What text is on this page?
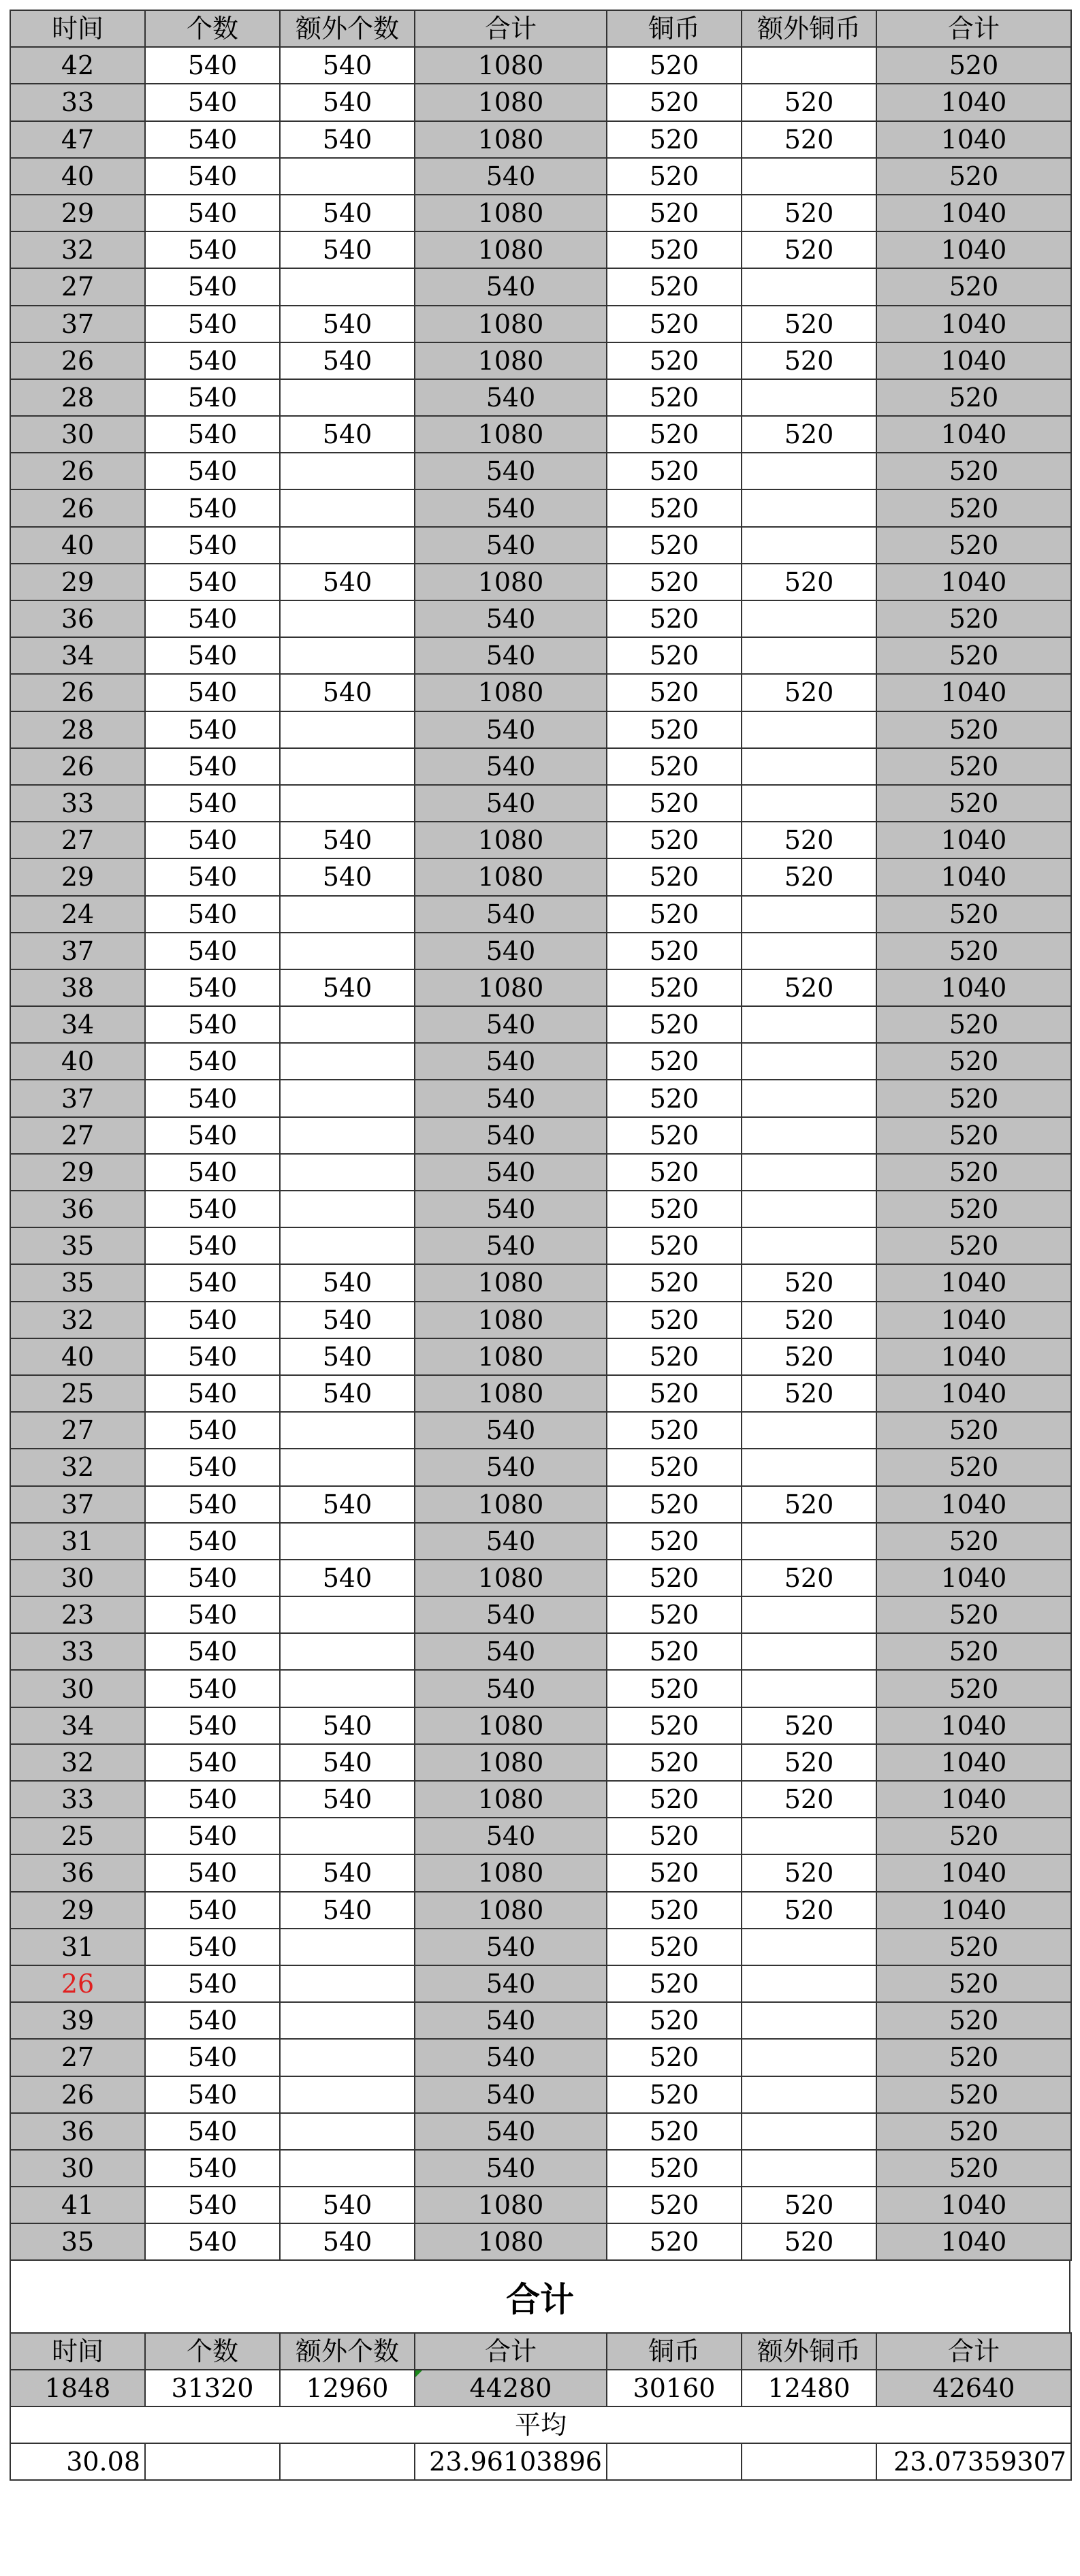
时间	个数	额外个数	合计	铜币	额外铜币	合计
42	540	540	1080	520		520
33	540	540	1080	520	520	1040
47	540	540	1080	520	520	1040
40	540		540	520		520
29	540	540	1080	520	520	1040
32	540	540	1080	520	520	1040
27	540		540	520		520
37	540	540	1080	520	520	1040
26	540	540	1080	520	520	1040
28	540		540	520		520
30	540	540	1080	520	520	1040
26	540		540	520		520
26	540		540	520		520
40	540		540	520		520
29	540	540	1080	520	520	1040
36	540		540	520		520
34	540		540	520		520
26	540	540	1080	520	520	1040
28	540		540	520		520
26	540		540	520		520
33	540		540	520		520
27	540	540	1080	520	520	1040
29	540	540	1080	520	520	1040
24	540		540	520		520
37	540		540	520		520
38	540	540	1080	520	520	1040
34	540		540	520		520
40	540		540	520		520
37	540		540	520		520
27	540		540	520		520
29	540		540	520		520
36	540		540	520		520
35	540		540	520		520
35	540	540	1080	520	520	1040
32	540	540	1080	520	520	1040
40	540	540	1080	520	520	1040
25	540	540	1080	520	520	1040
27	540		540	520		520
32	540		540	520		520
37	540	540	1080	520	520	1040
31	540		540	520		520
30	540	540	1080	520	520	1040
23	540		540	520		520
33	540		540	520		520
30	540		540	520		520
34	540	540	1080	520	520	1040
32	540	540	1080	520	520	1040
33	540	540	1080	520	520	1040
25	540		540	520		520
36	540	540	1080	520	520	1040
29	540	540	1080	520	520	1040
31	540		540	520		520
26	540		540	520		520
39	540		540	520		520
27	540		540	520		520
26	540		540	520		520
36	540		540	520		520
30	540		540	520		520
41	540	540	1080	520	520	1040
35	540	540	1080	520	520	1040
合计
时间	个数	额外个数	合计	铜币	额外铜币	合计
1848	31320	12960	44280	30160	12480	42640
平均						
30.08			23.96103896			23.07359307
